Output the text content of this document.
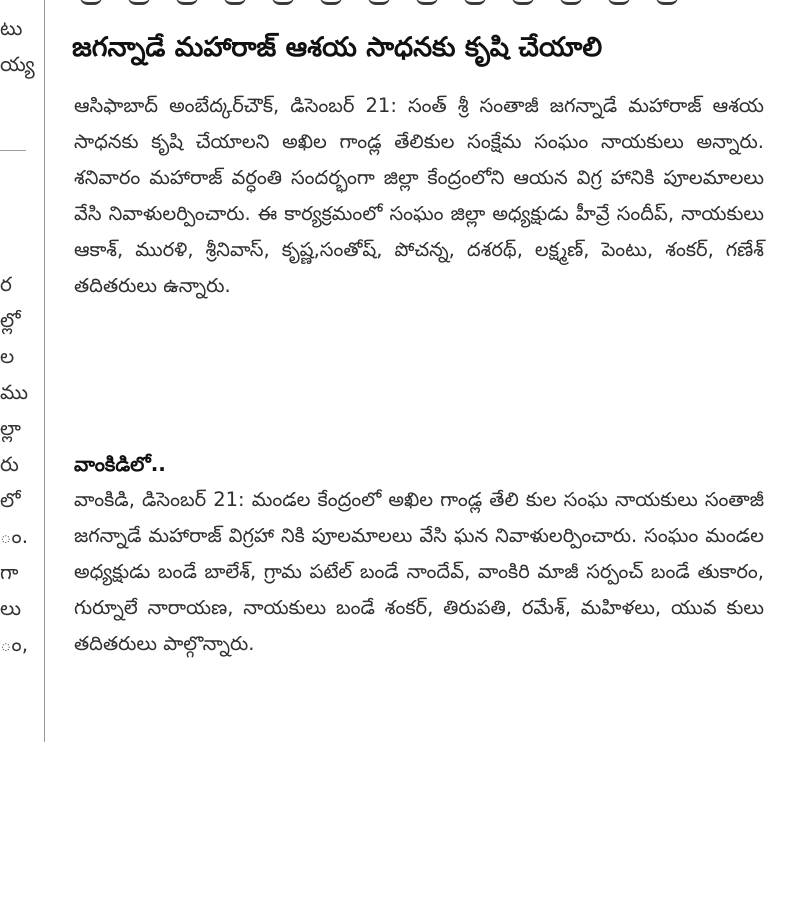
టు
య్య
ర
ల్లో
ల
ము
ల్లా
రు
లో
ం.
గా
లు
ం,
జగన్నాడే మహారాజ్ ఆశయ సాధనకు కృషి చేయాలి

ఆసిఫాబాద్ అంబేద్కర్‌చౌక్, డిసెంబర్ 21: సంత్ శ్రీ సంతాజీ జగన్నాడే మహారాజ్ ఆశయ సాధనకు కృషి చేయాలని అఖిల గాండ్ల తేలికుల సంక్షేమ సంఘం నాయకులు అన్నారు. శనివారం మహారాజ్ వర్ధంతి సందర్భంగా జిల్లా కేంద్రంలోని ఆయన విగ్ర హానికి పూలమాలలు వేసి నివాళులర్పించారు. ఈ కార్యక్రమంలో సంఘం జిల్లా అధ్యక్షుడు హీవ్రే సందీప్, నాయకులు ఆకాశ్, మురళి, శ్రీనివాస్, కృష్ణ,సంతోష్, పోచన్న, దశరథ్, లక్ష్మణ్, పెంటు, శంకర్, గణేశ్ తదితరులు ఉన్నారు.

వాంకిడిలో..

వాంకిడి, డిసెంబర్ 21: మండల కేంద్రంలో అఖిల గాండ్ల తేలి కుల సంఘ నాయకులు సంతాజీ జగన్నాడే మహారాజ్ విగ్రహా నికి పూలమాలలు వేసి ఘన నివాళులర్పించారు. సంఘం మండల అధ్యక్షుడు బండే బాలేశ్, గ్రామ పటేల్ బండే నాందేవ్, వాంకిరి మాజీ సర్పంచ్ బండే తుకారం, గుర్నూలే నారాయణ, నాయకులు బండే శంకర్, తిరుపతి, రమేశ్, మహిళలు, యువ కులు తదితరులు పాల్గొన్నారు.
